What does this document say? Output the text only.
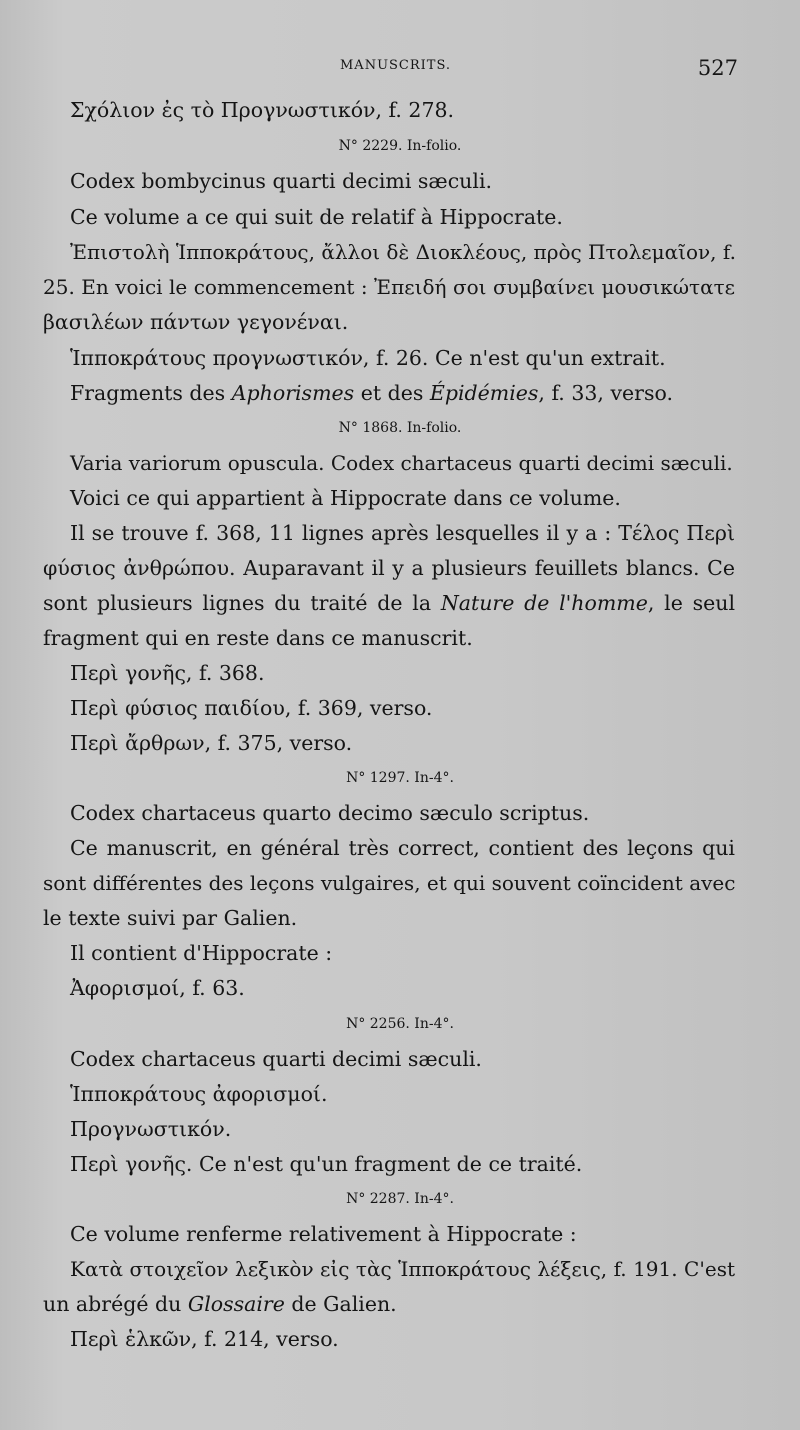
MANUSCRITS.	527
Σχόλιον ἐς τὸ Προγνωστικόν, f. 278.
N° 2229. In-folio.
Codex bombycinus quarti decimi sæculi.
Ce volume a ce qui suit de relatif à Hippocrate.
Ἐπιστολὴ Ἱπποκράτους, ἄλλοι δὲ Διοκλέους, πρὸς Πτολεμαῖον, f.
25. En voici le commencement : Ἐπειδή σοι συμβαίνει μουσικώτατε
βασιλέων πάντων γεγονέναι.
Ἱπποκράτους προγνωστικόν, f. 26. Ce n'est qu'un extrait.
Fragments des Aphorismes et des Épidémies, f. 33, verso.
N° 1868. In-folio.
Varia variorum opuscula. Codex chartaceus quarti decimi sæculi.
Voici ce qui appartient à Hippocrate dans ce volume.
Il se trouve f. 368, 11 lignes après lesquelles il y a : Τέλος Περὶ
φύσιος ἀνθρώπου. Auparavant il y a plusieurs feuillets blancs. Ce
sont plusieurs lignes du traité de la Nature de l'homme, le seul
fragment qui en reste dans ce manuscrit.
Περὶ γονῆς, f. 368.
Περὶ φύσιος παιδίου, f. 369, verso.
Περὶ ἄρθρων, f. 375, verso.
N° 1297. In-4°.
Codex chartaceus quarto decimo sæculo scriptus.
Ce manuscrit, en général très correct, contient des leçons qui
sont différentes des leçons vulgaires, et qui souvent coïncident avec
le texte suivi par Galien.
Il contient d'Hippocrate :
Ἀφορισμοί, f. 63.
N° 2256. In-4°.
Codex chartaceus quarti decimi sæculi.
Ἱπποκράτους ἀφορισμοί.
Προγνωστικόν.
Περὶ γονῆς. Ce n'est qu'un fragment de ce traité.
N° 2287. In-4°.
Ce volume renferme relativement à Hippocrate :
Κατὰ στοιχεῖον λεξικὸν εἰς τὰς Ἱπποκράτους λέξεις, f. 191. C'est
un abrégé du Glossaire de Galien.
Περὶ ἑλκῶν, f. 214, verso.
